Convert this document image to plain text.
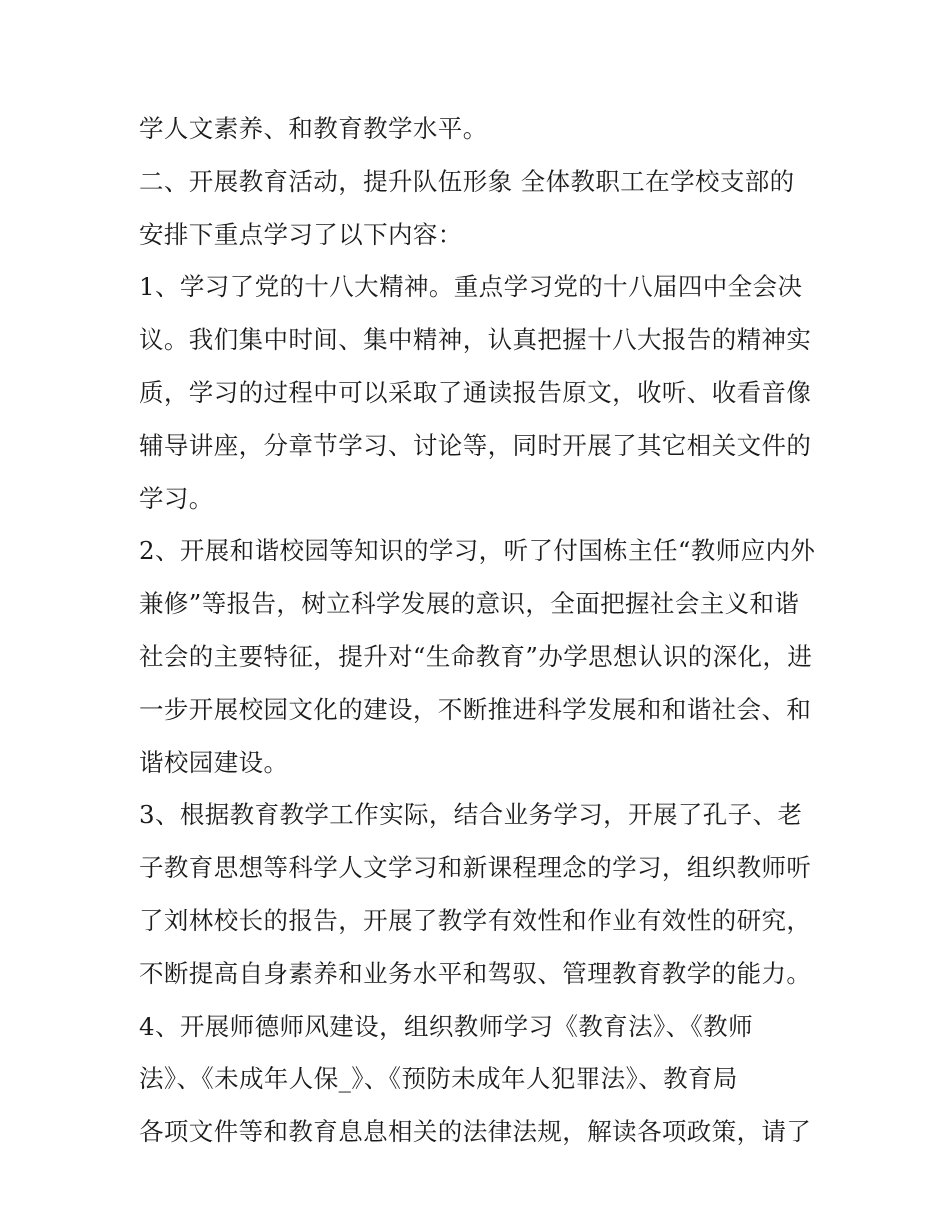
学人文素养、和教育教学水平。
二、开展教育活动，提升队伍形象 全体教职工在学校支部的
安排下重点学习了以下内容：
1、学习了党的十八大精神。重点学习党的十八届四中全会决
议。我们集中时间、集中精神，认真把握十八大报告的精神实
质，学习的过程中可以采取了通读报告原文，收听、收看音像
辅导讲座，分章节学习、讨论等，同时开展了其它相关文件的
学习。
2、开展和谐校园等知识的学习，听了付国栋主任“教师应内外
兼修”等报告，树立科学发展的意识，全面把握社会主义和谐
社会的主要特征，提升对“生命教育”办学思想认识的深化，进
一步开展校园文化的建设，不断推进科学发展和和谐社会、和
谐校园建设。
3、根据教育教学工作实际，结合业务学习，开展了孔子、老
子教育思想等科学人文学习和新课程理念的学习，组织教师听
了刘林校长的报告，开展了教学有效性和作业有效性的研究，
不断提高自身素养和业务水平和驾驭、管理教育教学的能力。
4、开展师德师风建设，组织教师学习《教育法》、《教师
法》、《未成年人保_》、《预防未成年人犯罪法》、教育局
各项文件等和教育息息相关的法律法规，解读各项政策，请了
